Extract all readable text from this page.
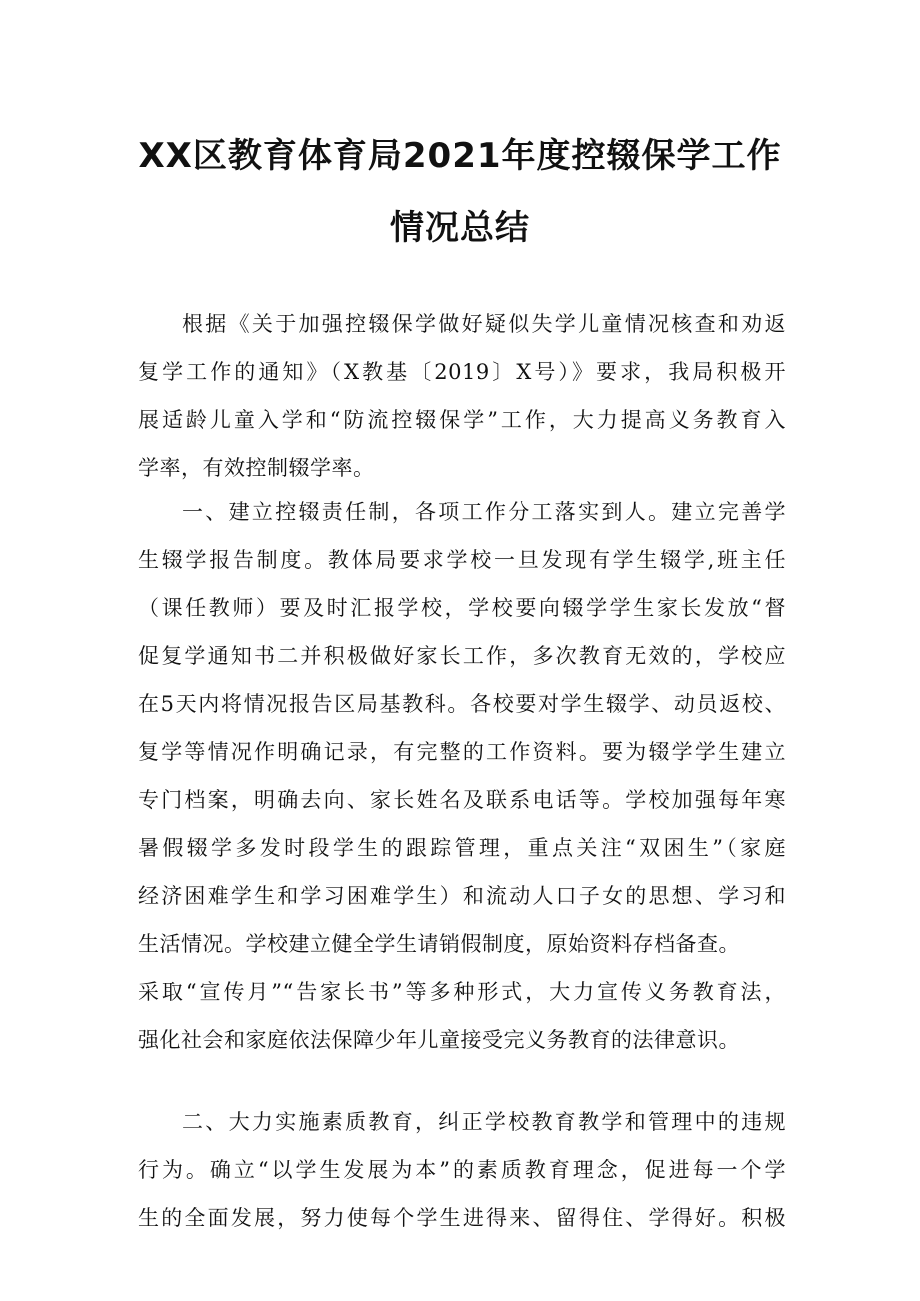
XX区教育体育局2021年度控辍保学工作
情况总结
根据《关于加强控辍保学做好疑似失学儿童情况核查和劝返
复学工作的通知》（X教基〔2019〕X号）》要求，我局积极开
展适龄儿童入学和“防流控辍保学”工作，大力提高义务教育入
学率，有效控制辍学率。
一、建立控辍责任制，各项工作分工落实到人。建立完善学
生辍学报告制度。教体局要求学校一旦发现有学生辍学,班主任
（课任教师）要及时汇报学校，学校要向辍学学生家长发放“督
促复学通知书二并积极做好家长工作，多次教育无效的，学校应
在5天内将情况报告区局基教科。各校要对学生辍学、动员返校、
复学等情况作明确记录，有完整的工作资料。要为辍学学生建立
专门档案，明确去向、家长姓名及联系电话等。学校加强每年寒
暑假辍学多发时段学生的跟踪管理，重点关注“双困生”（家庭
经济困难学生和学习困难学生）和流动人口子女的思想、学习和
生活情况。学校建立健全学生请销假制度，原始资料存档备查。
采取“宣传月”“告家长书”等多种形式，大力宣传义务教育法，
强化社会和家庭依法保障少年儿童接受完义务教育的法律意识。
二、大力实施素质教育，纠正学校教育教学和管理中的违规
行为。确立“以学生发展为本”的素质教育理念，促进每一个学
生的全面发展，努力使每个学生进得来、留得住、学得好。积极
